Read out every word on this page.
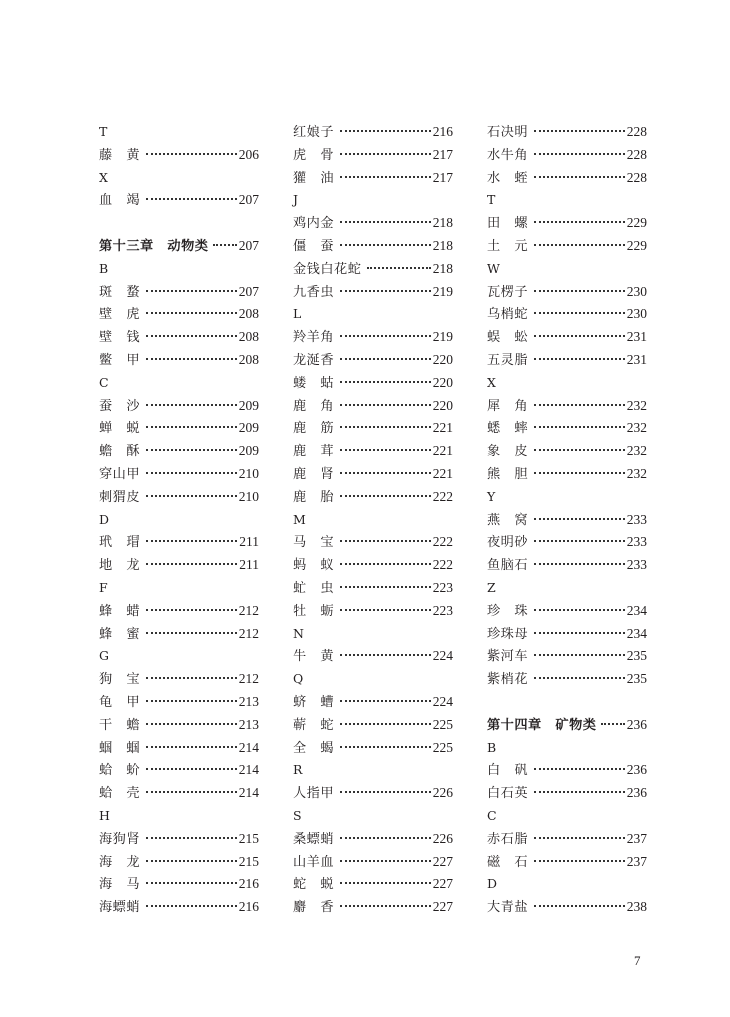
T
藤　黄	206
X
血　竭	207
第十三章　动物类 207
B
斑　蝥	207
壁　虎	208
壁　钱	208
鳖　甲	208
C
蚕　沙	209
蝉　蜕	209
蟾　酥	209
穿山甲	210
刺猬皮	210
D
玳　瑁	211
地　龙	211
F
蜂　蜡	212
蜂　蜜	212
G
狗　宝	212
龟　甲	213
干　蟾	213
蝈　蝈	214
蛤　蚧	214
蛤　壳	214
H
海狗肾	215
海　龙	215
海　马	216
海螵蛸	216
红娘子	216
虎　骨	217
獾　油	217
J
鸡内金	218
僵　蚕	218
金钱白花蛇	218
九香虫	219
L
羚羊角	219
龙涎香	220
蝼　蛄	220
鹿　角	220
鹿　筋	221
鹿　茸	221
鹿　肾	221
鹿　胎	222
M
马　宝	222
蚂　蚁	222
虻　虫	223
牡　蛎	223
N
牛　黄	224
Q
蛴　螬	224
蕲　蛇	225
全　蝎	225
R
人指甲	226
S
桑螵蛸	226
山羊血	227
蛇　蜕	227
麝　香	227
石决明	228
水牛角	228
水　蛭	228
T
田　螺	229
土　元	229
W
瓦楞子	230
乌梢蛇	230
蜈　蚣	231
五灵脂	231
X
犀　角	232
蟋　蟀	232
象　皮	232
熊　胆	232
Y
燕　窝	233
夜明砂	233
鱼脑石	233
Z
珍　珠	234
珍珠母	234
紫河车	235
紫梢花	235
第十四章　矿物类 236
B
白　矾	236
白石英	236
C
赤石脂	237
磁　石	237
D
大青盐	238
7
